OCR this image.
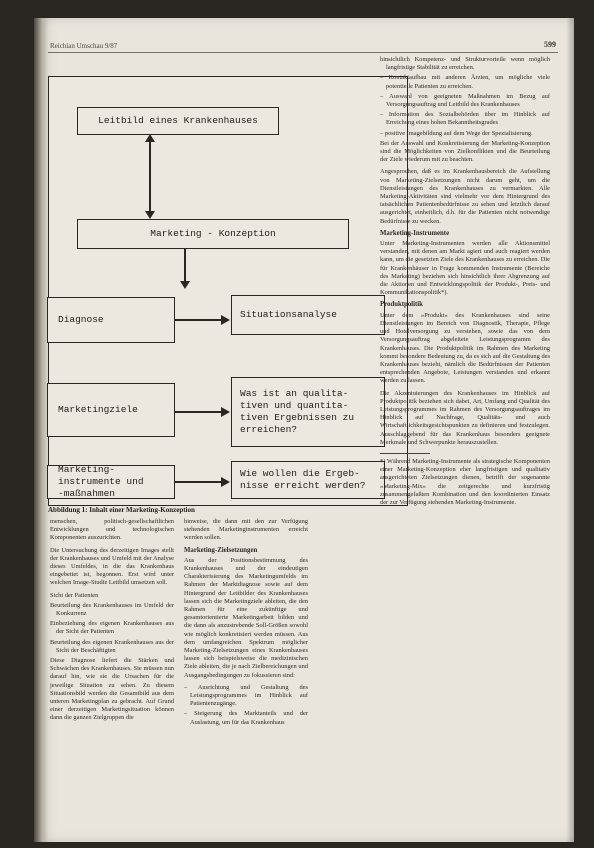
Reichian Umschau 9/87	599
Leitbild eines Krankenhauses
Marketing - Konzeption
Diagnose	Situationsanalyse
Marketingziele
Was ist an qualita-
tiven und quantita-
tiven Ergebnissen zu
erreichen?
Marketing-
instrumente und
-maßnahmen
Wie wollen die Ergeb-
nisse erreicht werden?
Abbildung 1: Inhalt einer Marketing-Konzeption

menschen, politisch-gesellschaftlichen Entwicklungen und technologischen Komponenten auszurichten.

Die Untersuchung des derzeitigen Images stellt der Krankenhauses und Umfeld mit der Analyse dieses Umfeldes, in die das Krankenhaus eingebettet ist, begonnen. Erst wird unter welchen Image-Studie Leitbild umsetzen soll.

Sicht der Patienten

Beurteilung des Krankenhauses im Umfeld der Konkurrenz

Einbeziehung des eigenen Krankenhauses aus der Sicht der Patienten

Beurteilung des eigenen Krankenhauses aus der Sicht der Beschäftigten

Diese Diagnose liefert die Stärken und Schwächen des Krankenhauses. Sie müssen nun darauf hin, wie sie die Ursachen für die jeweilige Situation zu sehen. Zu diesem Situationsbild werden die Gesamtbild aus dem unteren Marketingplan zu gebracht. Auf Grund einer derzeitigen Marketingsituation können dann die ganzen Zielgruppen die

hinweise, die dann mit den zur Verfügung stehenden Marketinginstrumenten erreicht werden sollen.

Marketing-Zielsetzungen

Aus der Positionsbestimmung des Krankenhauses und der eindeutigen Charakterisierung des Marketingumfelds im Rahmen der Marktdiagnose sowie auf dem Hintergrund der Leitbilder des Krankenhauses lassen sich die Marketingziele ableiten, die den Rahmen für eine zukünftige und gesamtorientierte Marketingarbeit bilden und die dann als anzustrebende Soll-Größen sowohl wie möglich konkretisiert werden müssen. Aus dem umfangreichen Spektrum möglicher Marketing-Zielsetzungen eines Krankenhauses lassen sich beispielsweise die medizinischen Ziele ableiten, die je nach Zielbereichungen und Ausgangsbedingungen zu fokussieren sind:

– Ausrichtung und Gestaltung des Leistungsprogrammes im Hinblick auf Patientenzugänge.

– Steigerung des Marktanteils und der Auslastung, um für das Krankenhaus

hinsichtlich Kompetenz- und Strukturvorteile wenn möglich langfristige Stabilität zu erreichen.

– Kontaktaufbau mit anderen Ärzten, um mögliche viele potentielle Patienten zu erreichen.

– Auswahl von geeigneten Maßnahmen im Bezug auf Versorgungsauftrag und Leitbild des Krankenhauses

– Information des Sozialbehörden über im Hinblick auf Erreichung eines hohen Bekanntheitsgrades

– positive Imagebildung auf dem Wege der Spezialisierung.

Bei der Auswahl und Konkretisierung der Marketing-Konzeption sind die Möglichkeiten von Zielkonflikten und die Beurteilung der Ziele wiederum mit zu beachten.

Angesprochen, daß es im Krankenhausbereich die Aufstellung von Marketing-Zielsetzungen nicht darum geht, um die Dienstleistungen des Krankenhauses zu vermarkten. Alle Marketing-Aktivitäten sind vielmehr vor dem Hintergrund des tatsächlichen Patientenbedürfnisse zu sehen und letztlich darauf ausgerichtet, einheitlich, d.h. für die Patienten nicht notwendige Bedürfnisse zu wecken.

Marketing-Instrumente

Unter Marketing-Instrumenten werden alle Aktionsmittel verstanden, mit denen am Markt agiert und auch reagiert werden kann, um die gesetzten Ziele des Krankenhauses zu erreichen. Die für Krankenhäuser in Frage kommenden Instrumente (Bereiche des Marketing) beziehen sich hinsichtlich ihrer Abgrenzung auf die Aktionen und Entwicklungspolitik der Produkt-, Preis- und Kommunikationspolitik*).

Produktpolitik

Unter dem »Produkt« des Krankenhauses sind seine Dienstleistungen im Bereich von Diagnostik, Therapie, Pflege und Hotelversorgung zu verstehen, sowie das von dem Versorgungsauftrag abgeleitete Leistungsprogramm des Krankenhauses. Die Produktpolitik im Rahmen des Marketing kommt besondere Bedeutung zu, da es sich auf die Gestaltung des Krankenhauses bezieht, nämlich die Bedürfnissen der Patienten entsprechenden Angebote, Leistungen verstanden und erkannt werden zu lassen.

Die Akzentuierungen des Krankenhauses im Hinblick auf Produktpolitik beziehen sich dabei, Art, Umfang und Qualität des Leistungsprogrammes im Rahmen des Versorgungsauftrages im Hinblick auf Nachfrage, Qualitäts- und auch Wirtschaftlichkeitsgesichtspunkten zu definieren und festzulegen. Ausschlaggebend für das Krankenhaus besonders geeignete Merkmale und Schwerpunkte herauszustellen.

*) Während Marketing-Instrumente als strategische Komponenten einer Marketing-Konzeption eher langfristigen und qualitativ ausgerichteten Zielsetzungen dienen, betrifft der sogenannte »Marketing-Mix« die zeitgerechte und kurzfristig zusammengefaßten Kombination und den koordinierten Einsatz der zur Verfügung stehenden Marketing-Instrumente.
